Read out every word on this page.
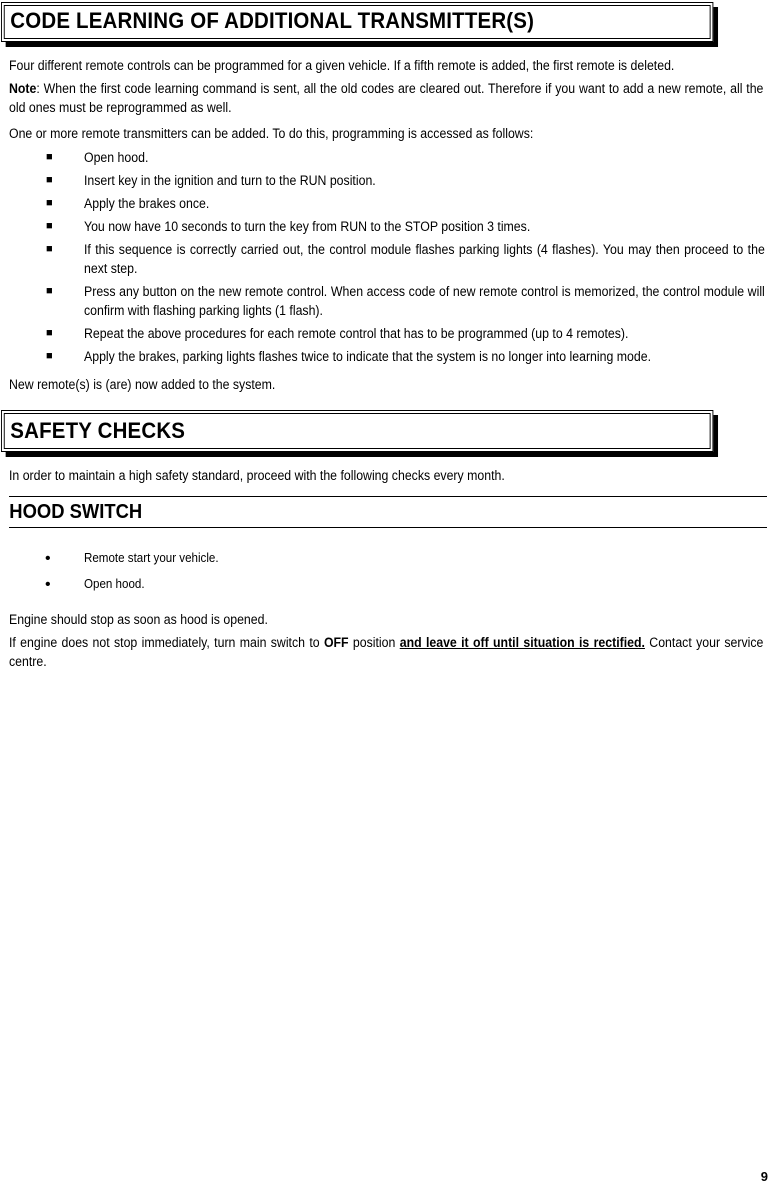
CODE LEARNING OF ADDITIONAL TRANSMITTER(S)
Four different remote controls can be programmed for a given vehicle. If a fifth remote is added, the first remote is deleted.
Note: When the first code learning command is sent, all the old codes are cleared out. Therefore if you want to add a new remote, all the old ones must be reprogrammed as well.
One or more remote transmitters can be added. To do this, programming is accessed as follows:
■ Open hood.
■ Insert key in the ignition and turn to the RUN position.
■ Apply the brakes once.
■ You now have 10 seconds to turn the key from RUN to the STOP position 3 times.
■ If this sequence is correctly carried out, the control module flashes parking lights (4 flashes). You may then proceed to the next step.
■ Press any button on the new remote control. When access code of new remote control is memorized, the control module will confirm with flashing parking lights (1 flash).
■ Repeat the above procedures for each remote control that has to be programmed (up to 4 remotes).
■ Apply the brakes, parking lights flashes twice to indicate that the system is no longer into learning mode.
New remote(s) is (are) now added to the system.
SAFETY CHECKS
In order to maintain a high safety standard, proceed with the following checks every month.
HOOD SWITCH
•	Remote start your vehicle.
•	Open hood.
Engine should stop as soon as hood is opened.
If engine does not stop immediately, turn main switch to OFF position and leave it off until situation is rectified. Contact your service centre.
9
